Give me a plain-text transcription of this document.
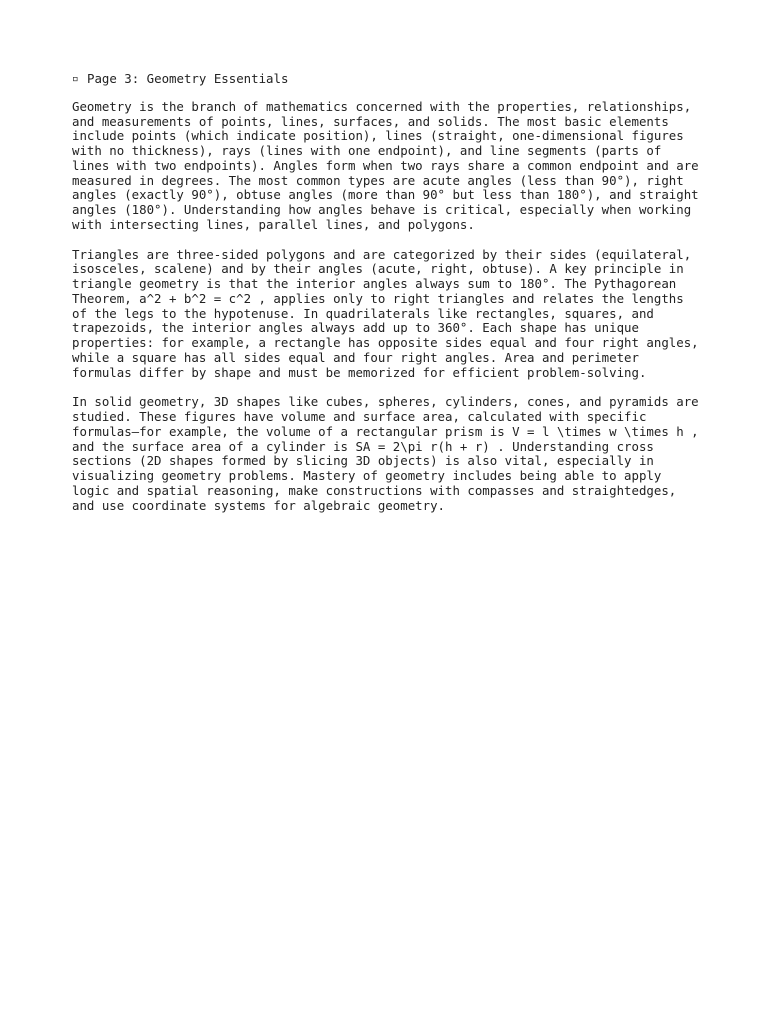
▫ Page 3: Geometry Essentials

Geometry is the branch of mathematics concerned with the properties, relationships, and measurements of points, lines, surfaces, and solids. The most basic elements include points (which indicate position), lines (straight, one-dimensional figures with no thickness), rays (lines with one endpoint), and line segments (parts of lines with two endpoints). Angles form when two rays share a common endpoint and are measured in degrees. The most common types are acute angles (less than 90°), right angles (exactly 90°), obtuse angles (more than 90° but less than 180°), and straight angles (180°). Understanding how angles behave is critical, especially when working with intersecting lines, parallel lines, and polygons.

Triangles are three-sided polygons and are categorized by their sides (equilateral, isosceles, scalene) and by their angles (acute, right, obtuse). A key principle in triangle geometry is that the interior angles always sum to 180°. The Pythagorean Theorem, a^2 + b^2 = c^2 , applies only to right triangles and relates the lengths of the legs to the hypotenuse. In quadrilaterals like rectangles, squares, and trapezoids, the interior angles always add up to 360°. Each shape has unique properties: for example, a rectangle has opposite sides equal and four right angles, while a square has all sides equal and four right angles. Area and perimeter formulas differ by shape and must be memorized for efficient problem-solving.

In solid geometry, 3D shapes like cubes, spheres, cylinders, cones, and pyramids are studied. These figures have volume and surface area, calculated with specific formulas—for example, the volume of a rectangular prism is V = l \times w \times h , and the surface area of a cylinder is SA = 2\pi r(h + r) . Understanding cross sections (2D shapes formed by slicing 3D objects) is also vital, especially in visualizing geometry problems. Mastery of geometry includes being able to apply logic and spatial reasoning, make constructions with compasses and straightedges, and use coordinate systems for algebraic geometry.
